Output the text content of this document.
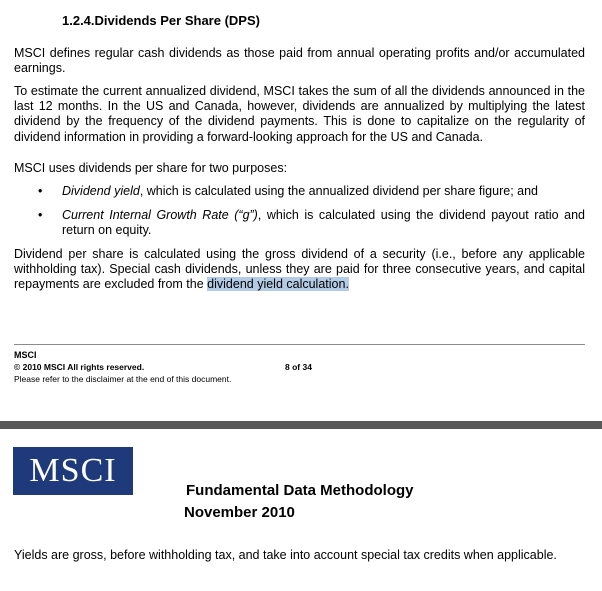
1.2.4.Dividends Per Share (DPS)

MSCI defines regular cash dividends as those paid from annual operating profits and/or accumulated earnings.

To estimate the current annualized dividend, MSCI takes the sum of all the dividends announced in the last 12 months. In the US and Canada, however, dividends are annualized by multiplying the latest dividend by the frequency of the dividend payments. This is done to capitalize on the regularity of dividend information in providing a forward-looking approach for the US and Canada.

MSCI uses dividends per share for two purposes:

• Dividend yield, which is calculated using the annualized dividend per share figure; and
• Current Internal Growth Rate (“g”), which is calculated using the dividend payout ratio and return on equity.

Dividend per share is calculated using the gross dividend of a security (i.e., before any applicable withholding tax). Special cash dividends, unless they are paid for three consecutive years, and capital repayments are excluded from the dividend yield calculation.

MSCI
© 2010 MSCI All rights reserved.	8 of 34
Please refer to the disclaimer at the end of this document.
MSCI
Fundamental Data Methodology
November 2010

Yields are gross, before withholding tax, and take into account special tax credits when applicable.
